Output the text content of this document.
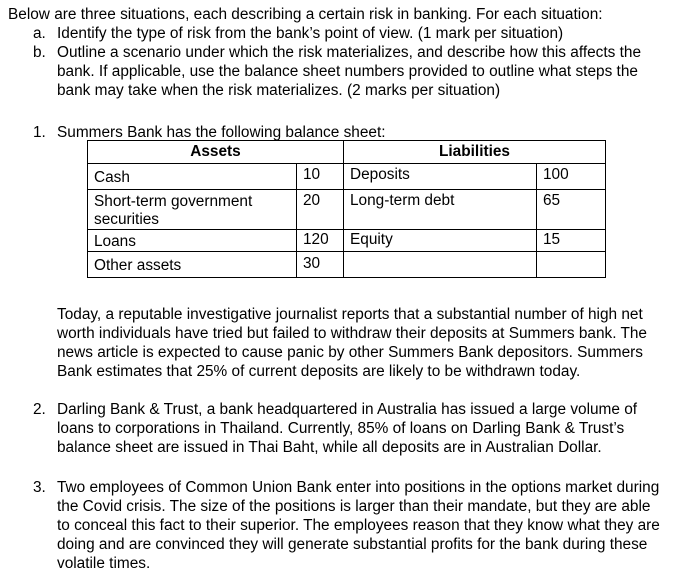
Below are three situations, each describing a certain risk in banking. For each situation:
a. Identify the type of risk from the bank’s point of view. (1 mark per situation)
b. Outline a scenario under which the risk materializes, and describe how this affects the
bank. If applicable, use the balance sheet numbers provided to outline what steps the
bank may take when the risk materializes. (2 marks per situation)
1. Summers Bank has the following balance sheet:
Assets		Liabilities	
Cash	10	Deposits	100
Short-term government securities	20	Long-term debt	65
Loans	120	Equity	15
Other assets	30		
Today, a reputable investigative journalist reports that a substantial number of high net
worth individuals have tried but failed to withdraw their deposits at Summers bank. The
news article is expected to cause panic by other Summers Bank depositors. Summers
Bank estimates that 25% of current deposits are likely to be withdrawn today.
2. Darling Bank & Trust, a bank headquartered in Australia has issued a large volume of
loans to corporations in Thailand. Currently, 85% of loans on Darling Bank & Trust’s
balance sheet are issued in Thai Baht, while all deposits are in Australian Dollar.
3. Two employees of Common Union Bank enter into positions in the options market during
the Covid crisis. The size of the positions is larger than their mandate, but they are able
to conceal this fact to their superior. The employees reason that they know what they are
doing and are convinced they will generate substantial profits for the bank during these
volatile times.
